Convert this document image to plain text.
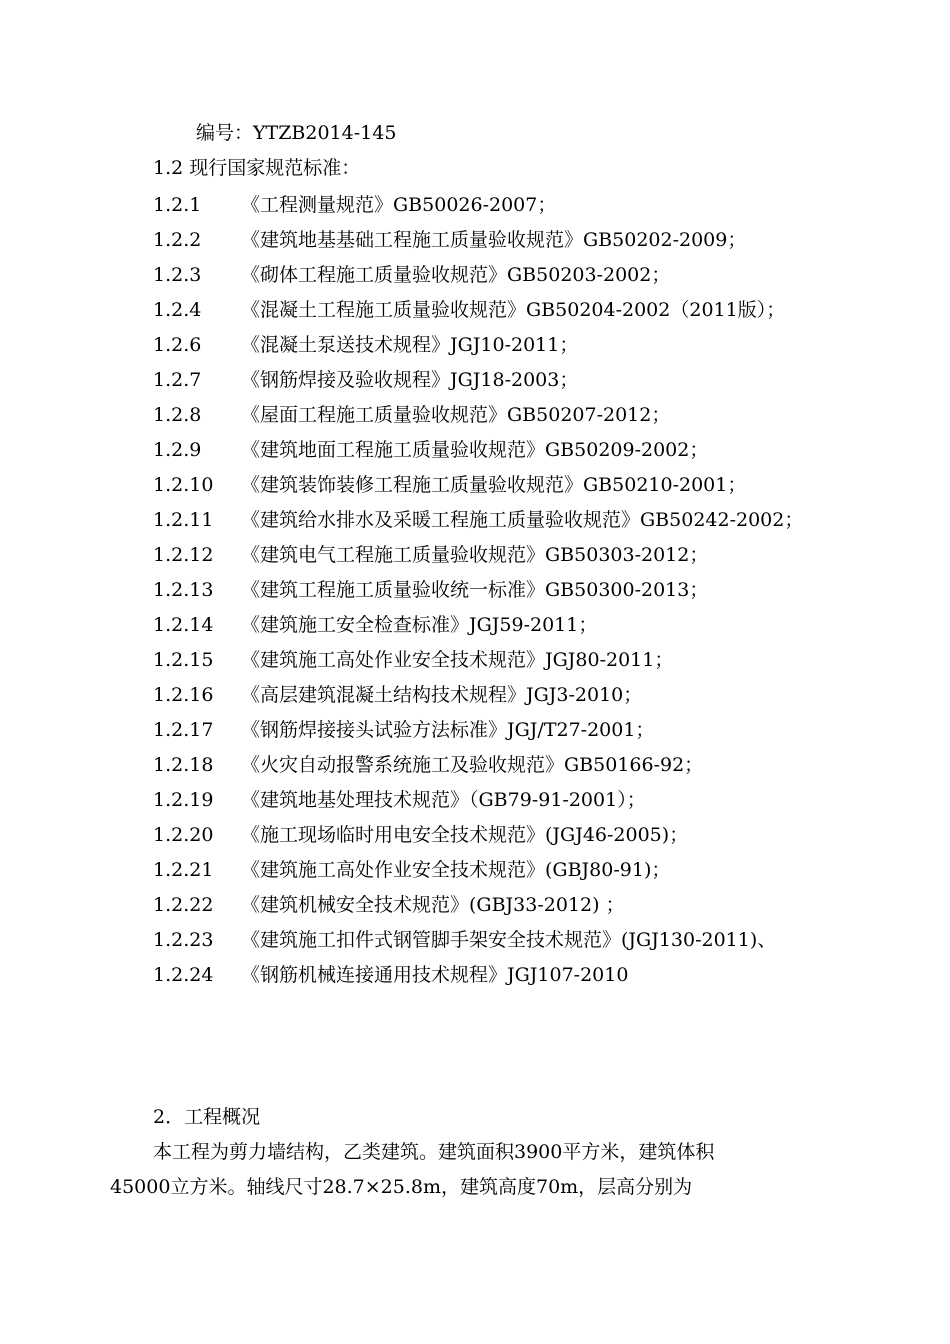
编号：YTZB2014-145
1.2 现行国家规范标准：
1.2.1 《工程测量规范》GB50026-2007；
1.2.2 《建筑地基基础工程施工质量验收规范》GB50202-2009；
1.2.3 《砌体工程施工质量验收规范》GB50203-2002；
1.2.4 《混凝土工程施工质量验收规范》GB50204-2002（2011版）；
1.2.6 《混凝土泵送技术规程》JGJ10-2011；
1.2.7 《钢筋焊接及验收规程》JGJ18-2003；
1.2.8 《屋面工程施工质量验收规范》GB50207-2012；
1.2.9 《建筑地面工程施工质量验收规范》GB50209-2002；
1.2.10 《建筑装饰装修工程施工质量验收规范》GB50210-2001；
1.2.11 《建筑给水排水及采暖工程施工质量验收规范》GB50242-2002；
1.2.12 《建筑电气工程施工质量验收规范》GB50303-2012；
1.2.13 《建筑工程施工质量验收统一标准》GB50300-2013；
1.2.14 《建筑施工安全检查标准》JGJ59-2011；
1.2.15 《建筑施工高处作业安全技术规范》JGJ80-2011；
1.2.16 《高层建筑混凝土结构技术规程》JGJ3-2010；
1.2.17 《钢筋焊接接头试验方法标准》JGJ/T27-2001；
1.2.18 《火灾自动报警系统施工及验收规范》GB50166-92；
1.2.19 《建筑地基处理技术规范》（GB79-91-2001）；
1.2.20 《施工现场临时用电安全技术规范》(JGJ46-2005)；
1.2.21 《建筑施工高处作业安全技术规范》(GBJ80-91)；
1.2.22 《建筑机械安全技术规范》(GBJ33-2012) ；
1.2.23 《建筑施工扣件式钢管脚手架安全技术规范》(JGJ130-2011)、
1.2.24 《钢筋机械连接通用技术规程》JGJ107-2010
2．工程概况
本工程为剪力墙结构，乙类建筑。建筑面积3900平方米，建筑体积
45000立方米。轴线尺寸28.7×25.8m，建筑高度70m，层高分别为
